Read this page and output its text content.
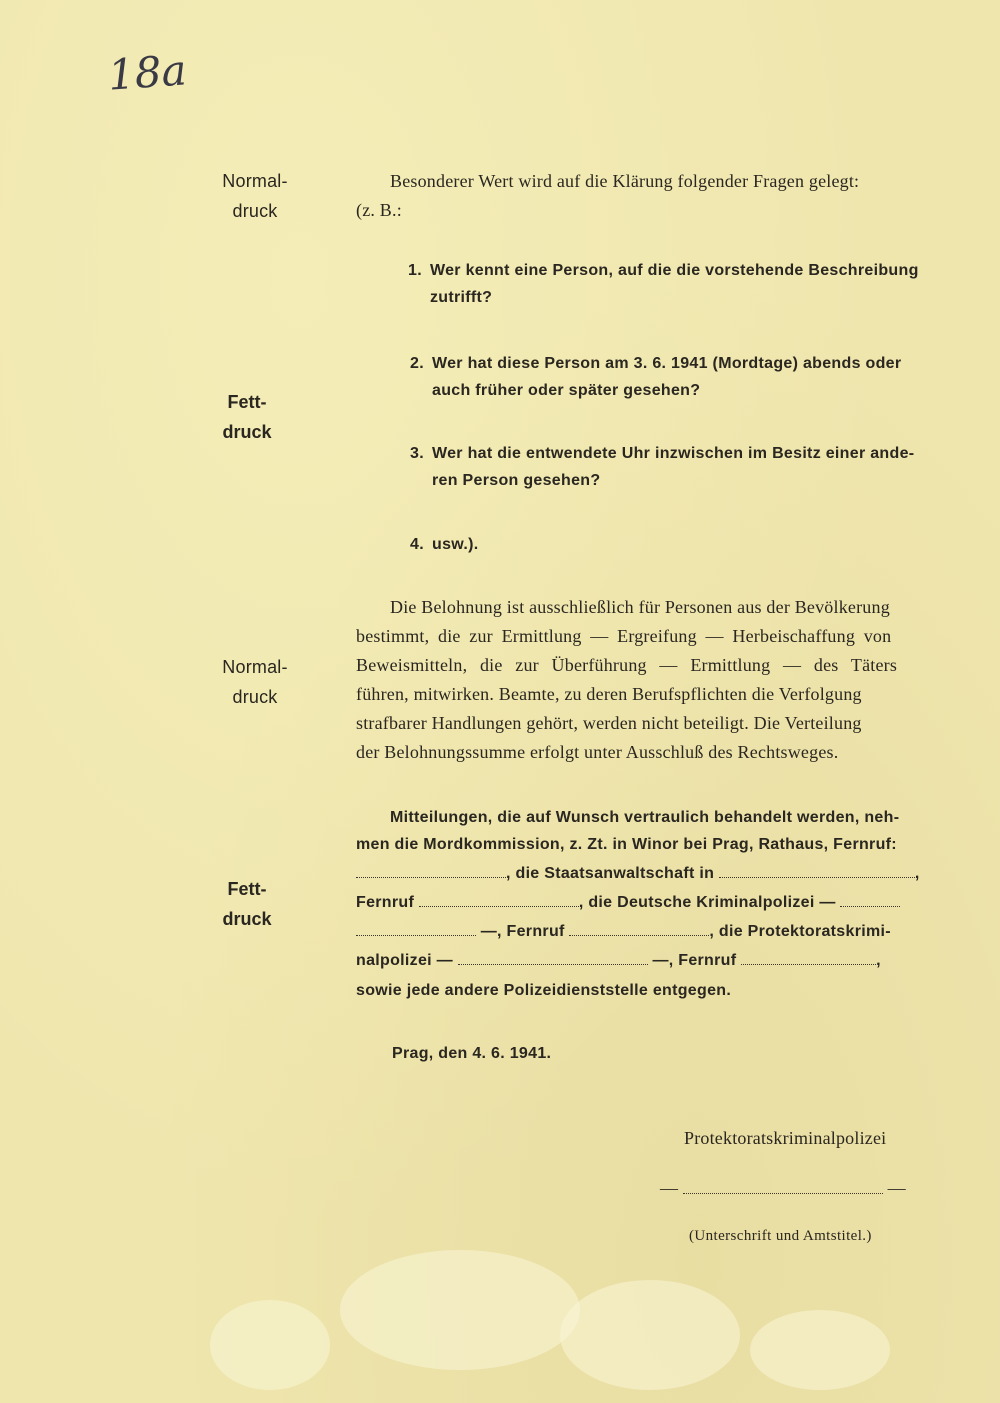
18a
Normal-
druck
Fett-
druck
Normal-
druck
Fett-
druck
Besonderer Wert wird auf die Klärung folgender Fragen gelegt:
(z. B.:
1. Wer kennt eine Person, auf die die vorstehende Beschreibung
zutrifft?
2. Wer hat diese Person am 3. 6. 1941 (Mordtage) abends oder
auch früher oder später gesehen?
3. Wer hat die entwendete Uhr inzwischen im Besitz einer ande-
ren Person gesehen?
4. usw.).
Die Belohnung ist ausschließlich für Personen aus der Bevölkerung
bestimmt, die zur Ermittlung — Ergreifung — Herbeischaffung von
Beweismitteln, die zur Überführung — Ermittlung — des Täters
führen, mitwirken. Beamte, zu deren Berufspflichten die Verfolgung
strafbarer Handlungen gehört, werden nicht beteiligt. Die Verteilung
der Belohnungssumme erfolgt unter Ausschluß des Rechtsweges.
Mitteilungen, die auf Wunsch vertraulich behandelt werden, neh-
men die Mordkommission, z. Zt. in Winor bei Prag, Rathaus, Fernruf:
, die Staatsanwaltschaft in	,
Fernruf	, die Deutsche Kriminalpolizei —
—, Fernruf	, die Protektoratskrimi-
nalpolizei —	—, Fernruf	,
sowie jede andere Polizeidienststelle entgegen.
Prag, den 4. 6. 1941.
Protektoratskriminalpolizei
—	—
(Unterschrift und Amtstitel.)
